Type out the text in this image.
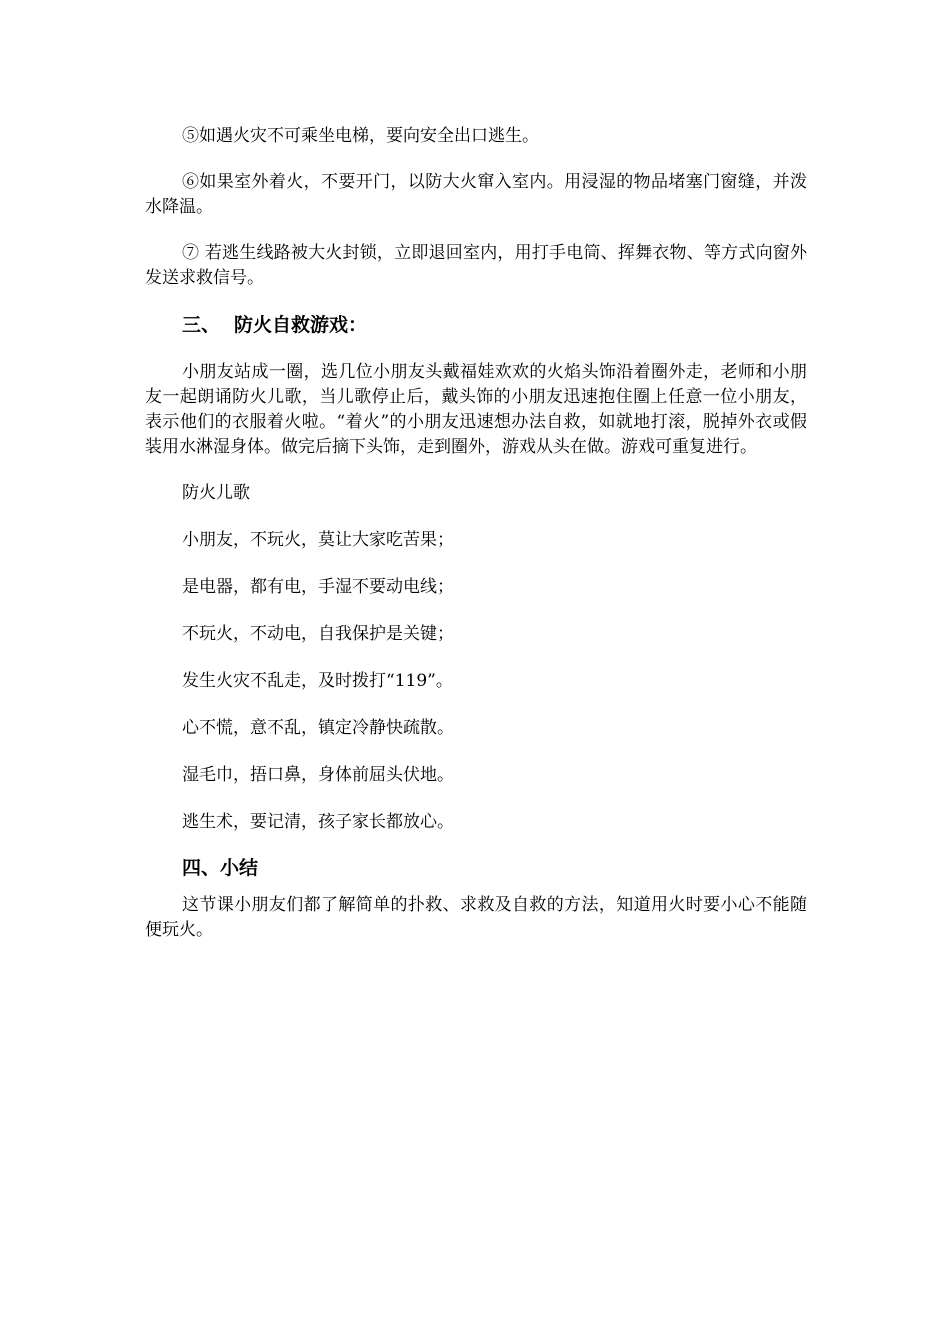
⑤如遇火灾不可乘坐电梯，要向安全出口逃生。

⑥如果室外着火，不要开门，以防大火窜入室内。用浸湿的物品堵塞门窗缝，并泼水降温。

⑦ 若逃生线路被大火封锁，立即退回室内，用打手电筒、挥舞衣物、等方式向窗外发送求救信号。

三、 防火自救游戏：

小朋友站成一圈，选几位小朋友头戴福娃欢欢的火焰头饰沿着圈外走，老师和小朋友一起朗诵防火儿歌，当儿歌停止后，戴头饰的小朋友迅速抱住圈上任意一位小朋友，表示他们的衣服着火啦。“着火”的小朋友迅速想办法自救，如就地打滚，脱掉外衣或假装用水淋湿身体。做完后摘下头饰，走到圈外，游戏从头在做。游戏可重复进行。

防火儿歌

小朋友，不玩火，莫让大家吃苦果；

是电器，都有电，手湿不要动电线；

不玩火，不动电，自我保护是关键；

发生火灾不乱走，及时拨打“119”。

心不慌，意不乱，镇定冷静快疏散。

湿毛巾，捂口鼻，身体前屈头伏地。

逃生术，要记清，孩子家长都放心。

四、小结

这节课小朋友们都了解简单的扑救、求救及自救的方法，知道用火时要小心不能随便玩火。
